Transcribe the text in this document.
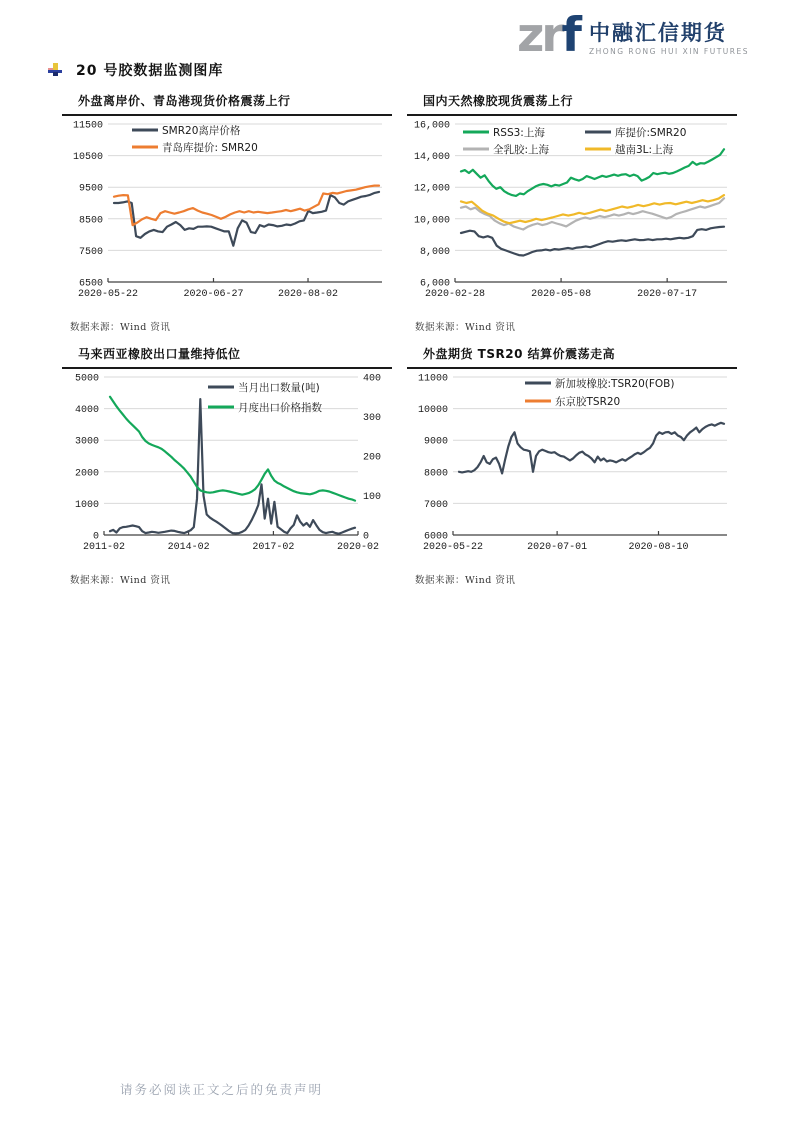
zrf 中融汇信期货
ZHONG RONG HUI XIN FUTURES
20 号胶数据监测图库
外盘离岸价、青岛港现货价格震荡上行
6500
7500
8500
9500
10500
11500
2020-05-22	2020-06-27	2020-08-02
SMR20离岸价格
青岛库提价: SMR20
数据来源：Wind 资讯
国内天然橡胶现货震荡上行
6,000
8,000
10,000
12,000
14,000
16,000
2020-02-28	2020-05-08	2020-07-17
RSS3:上海	库提价:SMR20
全乳胶:上海	越南3L:上海
数据来源：Wind 资讯
马来西亚橡胶出口量维持低位
0
1000
2000
3000
4000
5000
0
100
200
300
400
2011-02	2014-02	2017-02	2020-02
当月出口数量(吨)
月度出口价格指数
数据来源：Wind 资讯
外盘期货 TSR20 结算价震荡走高
6000
7000
8000
9000
10000
11000
2020-05-22	2020-07-01	2020-08-10
新加坡橡胶:TSR20(FOB)
东京胶TSR20
数据来源：Wind 资讯
请务必阅读正文之后的免责声明
